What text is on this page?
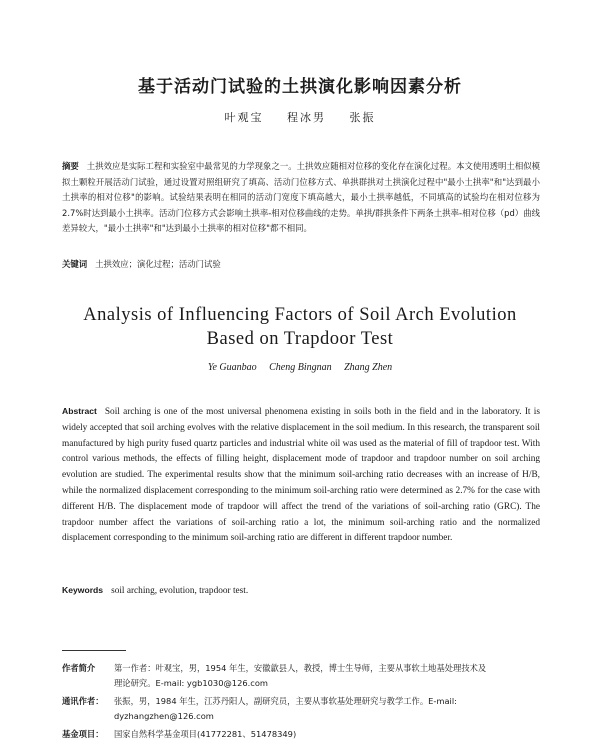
基于活动门试验的土拱演化影响因素分析
叶观宝 程冰男 张振
摘要 土拱效应是实际工程和实验室中最常见的力学现象之一。土拱效应随相对位移的变化存在演化过程。本文使用透明土相似模拟土颗粒开展活动门试验，通过设置对照组研究了填高、活动门位移方式、单拱群拱对土拱演化过程中"最小土拱率"和"达到最小土拱率的相对位移"的影响。试验结果表明在相同的活动门宽度下填高越大，最小土拱率越低，不同填高的试验均在相对位移为2.7%时达到最小土拱率。活动门位移方式会影响土拱率-相对位移曲线的走势。单拱/群拱条件下两条土拱率-相对位移（pd）曲线差异较大，"最小土拱率"和"达到最小土拱率的相对位移"都不相同。
关键词 土拱效应；演化过程；活动门试验
Analysis of Influencing Factors of Soil Arch Evolution
Based on Trapdoor Test
Ye Guanbao Cheng Bingnan Zhang Zhen
Abstract Soil arching is one of the most universal phenomena existing in soils both in the field and in the laboratory. It is widely accepted that soil arching evolves with the relative displacement in the soil medium. In this research, the transparent soil manufactured by high purity fused quartz particles and industrial white oil was used as the material of fill of trapdoor test. With control various methods, the effects of filling height, displacement mode of trapdoor and trapdoor number on soil arching evolution are studied. The experimental results show that the minimum soil-arching ratio decreases with an increase of H/B, while the normalized displacement corresponding to the minimum soil-arching ratio were determined as 2.7% for the case with different H/B. The displacement mode of trapdoor will affect the trend of the variations of soil-arching ratio (GRC). The trapdoor number affect the variations of soil-arching ratio a lot, the minimum soil-arching ratio and the normalized displacement corresponding to the minimum soil-arching ratio are different in different trapdoor number.
Keywords soil arching, evolution, trapdoor test.
作者简介 第一作者：叶观宝，男，1954 年生，安徽歙县人，教授，博士生导师，主要从事软土地基处理技术及
理论研究。E-mail: ygb1030@126.com
通讯作者： 张振，男，1984 年生，江苏丹阳人，副研究员，主要从事软基处理研究与教学工作。E-mail:
dyzhangzhen@126.com
基金项目： 国家自然科学基金项目(41772281、51478349)
